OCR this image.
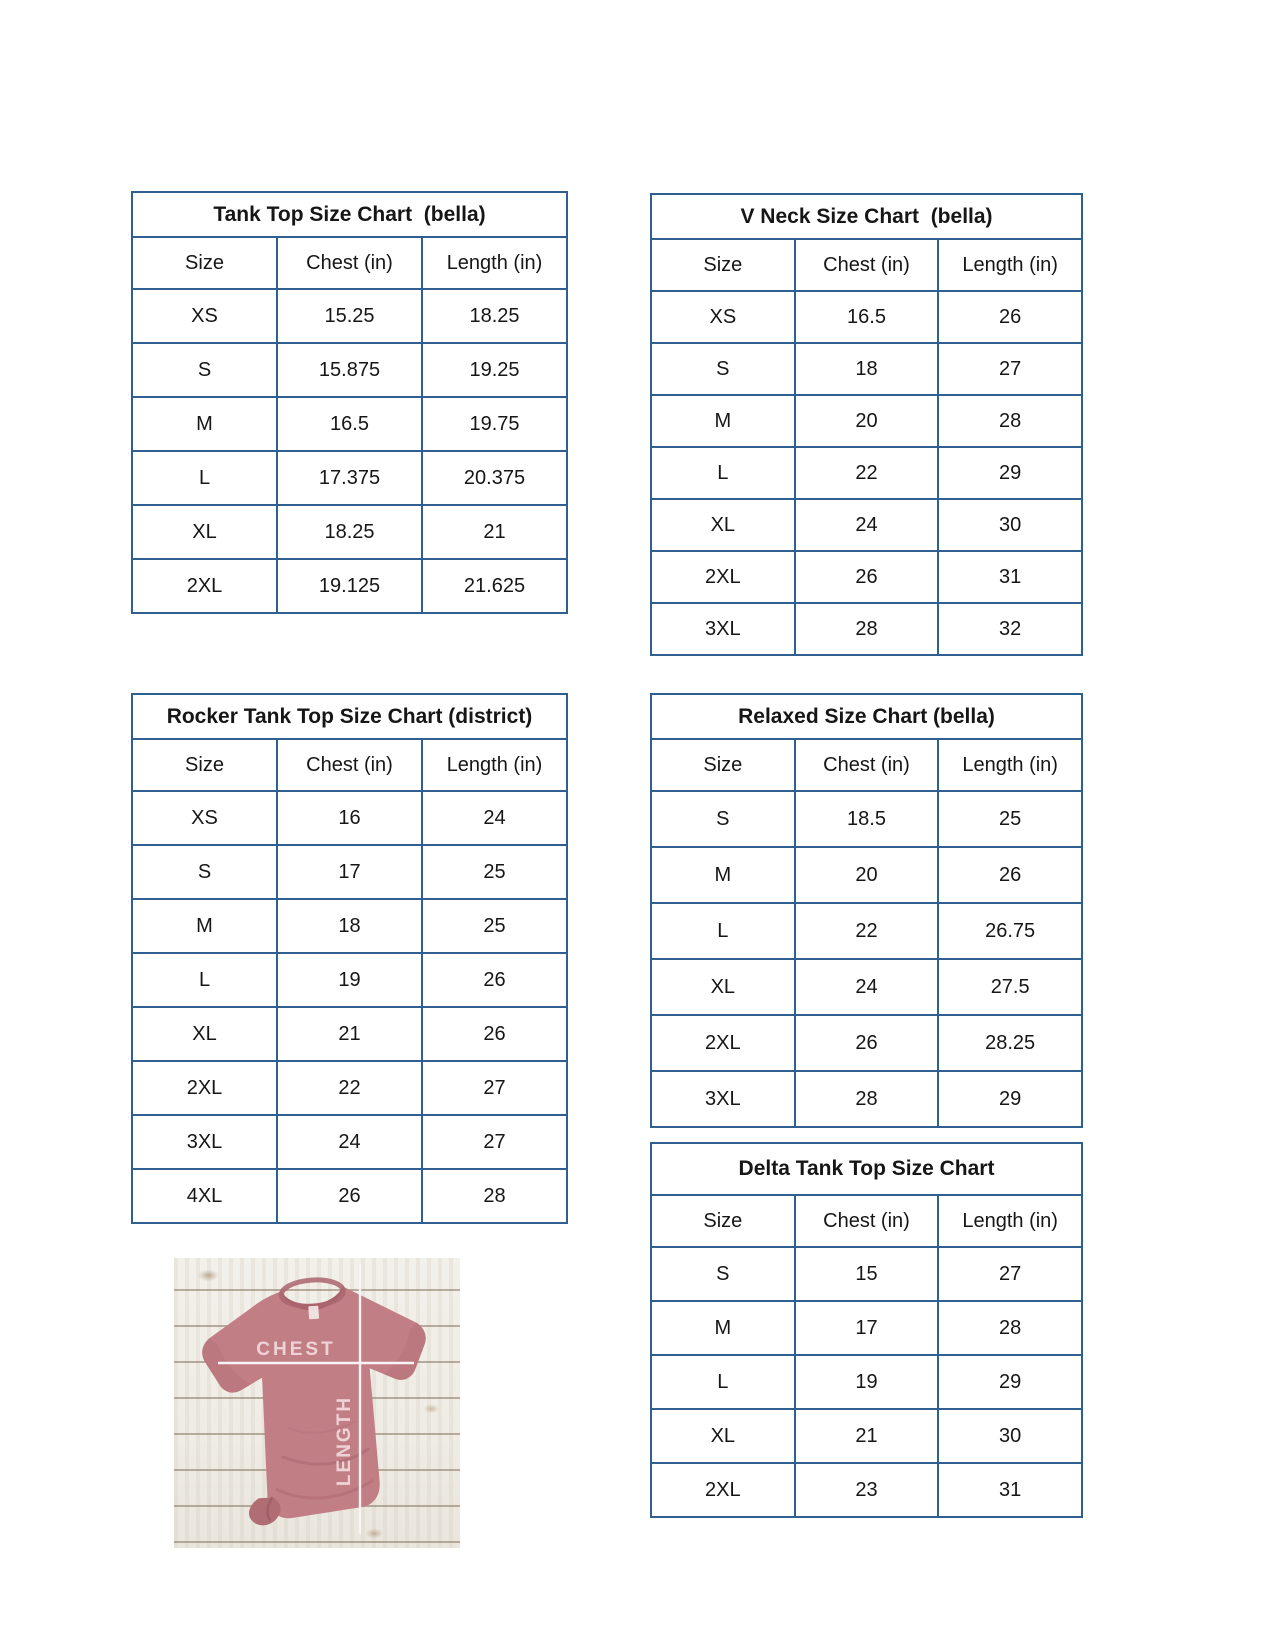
Tank Top Size Chart  (bella)		
Size	Chest (in)	Length (in)
XS	15.25	18.25
S	15.875	19.25
M	16.5	19.75
L	17.375	20.375
XL	18.25	21
2XL	19.125	21.625
V Neck Size Chart  (bella)		
Size	Chest (in)	Length (in)
XS	16.5	26
S	18	27
M	20	28
L	22	29
XL	24	30
2XL	26	31
3XL	28	32
Rocker Tank Top Size Chart (district)		
Size	Chest (in)	Length (in)
XS	16	24
S	17	25
M	18	25
L	19	26
XL	21	26
2XL	22	27
3XL	24	27
4XL	26	28
Relaxed Size Chart (bella)		
Size	Chest (in)	Length (in)
S	18.5	25
M	20	26
L	22	26.75
XL	24	27.5
2XL	26	28.25
3XL	28	29
Delta Tank Top Size Chart		
Size	Chest (in)	Length (in)
S	15	27
M	17	28
L	19	29
XL	21	30
2XL	23	31
CHEST
LENGTH
